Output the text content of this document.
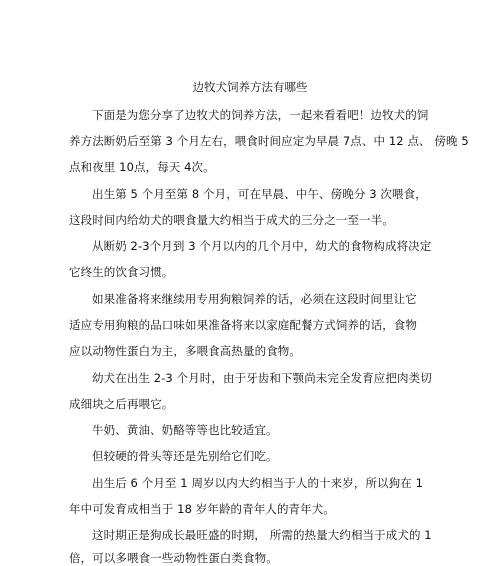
边牧犬饲养方法有哪些
下面是为您分享了边牧犬的饲养方法，一起来看看吧！边牧犬的饲
养方法断奶后至第 3 个月左右，喂食时间应定为早晨 7点、中 12 点、 傍晚 5
点和夜里 10点，每天 4次。
出生第 5 个月至第 8 个月，可在早晨、中午、傍晚分 3 次喂食，
这段时间内给幼犬的喂食量大约相当于成犬的三分之一至一半。
从断奶 2-3个月到 3 个月以内的几个月中，幼犬的食物构成将决定
它终生的饮食习惯。
如果准备将来继续用专用狗粮饲养的话，必须在这段时间里让它
适应专用狗粮的品口味如果准备将来以家庭配餐方式饲养的话，食物
应以动物性蛋白为主，多喂食高热量的食物。
幼犬在出生 2-3 个月时，由于牙齿和下颚尚未完全发育应把肉类切
成细块之后再喂它。
牛奶、黄油、奶酪等等也比较适宜。
但较硬的骨头等还是先别给它们吃。
出生后 6 个月至 1 周岁以内大约相当于人的十来岁，所以狗在 1
年中可发育成相当于 18 岁年龄的青年人的青年犬。
这时期正是狗成长最旺盛的时期， 所需的热量大约相当于成犬的 1
倍，可以多喂食一些动物性蛋白类食物。
